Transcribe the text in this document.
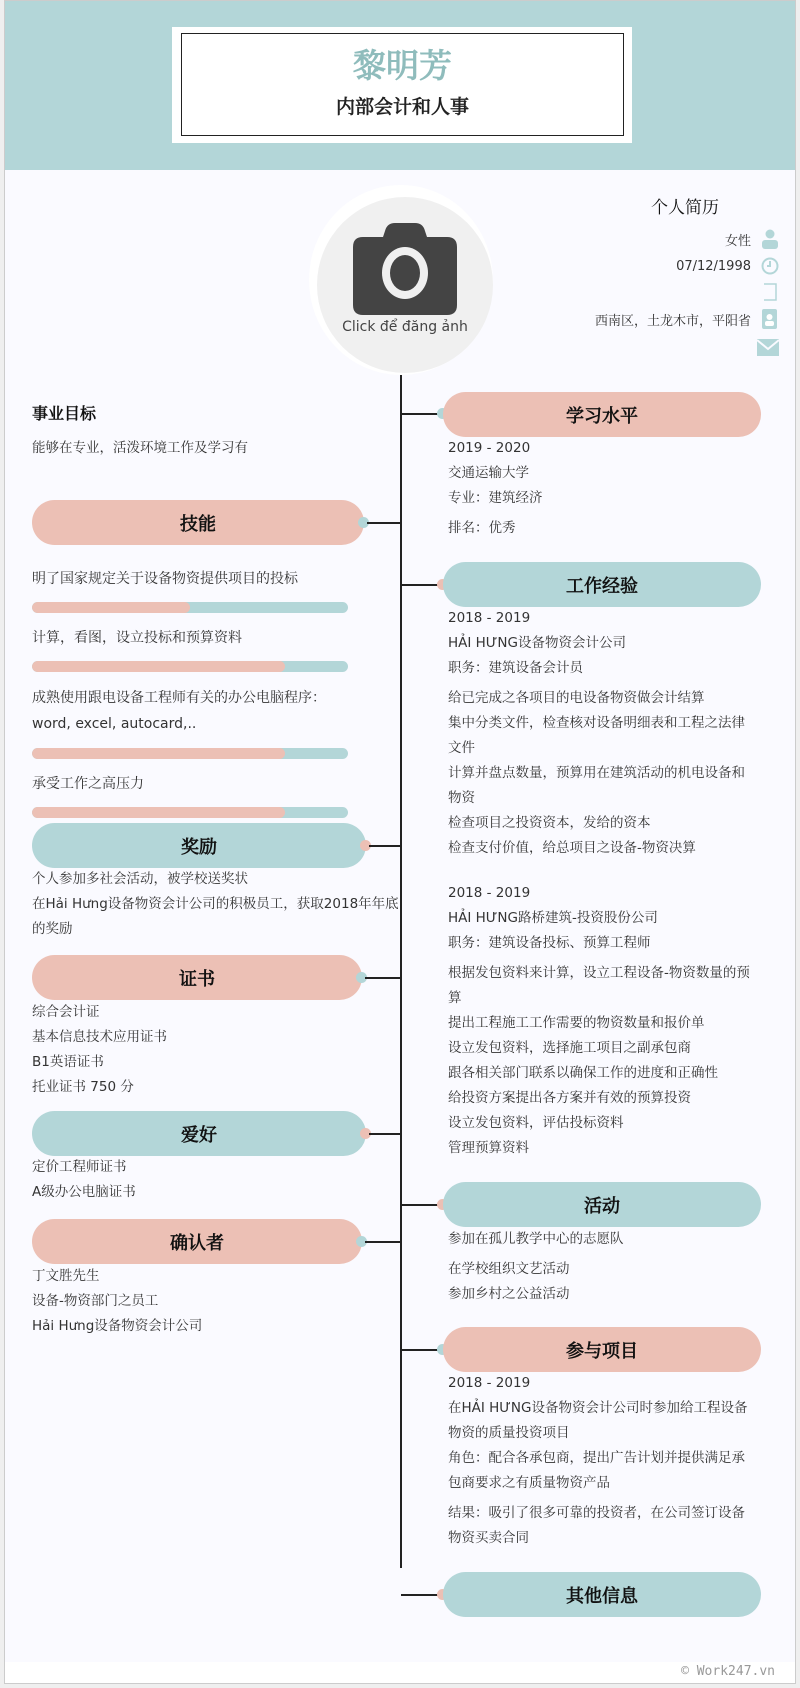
黎明芳
内部会计和人事
Click để đăng ảnh
个人简历
女性
07/12/1998
西南区，土龙木市，平阳省
事业目标
能够在专业，活泼环境工作及学习有
技能
明了国家规定关于设备物资提供项目的投标
计算，看图，设立投标和预算资料
成熟使用跟电设备工程师有关的办公电脑程序：word, excel, autocard,..
承受工作之高压力
奖励
个人参加多社会活动，被学校送奖状
在Hải Hưng设备物资会计公司的积极员工，获取2018年年底的奖励
证书
综合会计证
基本信息技术应用证书
B1英语证书
托业证书 750 分
爱好
定价工程师证书
A级办公电脑证书
确认者
丁文胜先生
设备-物资部门之员工
Hải Hưng设备物资会计公司
学习水平
2019 - 2020
交通运输大学
专业：建筑经济
排名：优秀
工作经验
2018 - 2019
HẢI HƯNG设备物资会计公司
职务：建筑设备会计员
给已完成之各项目的电设备物资做会计结算
集中分类文件，检查核对设备明细表和工程之法律文件
计算并盘点数量，预算用在建筑活动的机电设备和物资
检查项目之投资资本，发给的资本
检查支付价值，给总项目之设备-物资决算
2018 - 2019
HẢI HƯNG路桥建筑-投资股份公司
职务：建筑设备投标、预算工程师
根据发包资料来计算，设立工程设备-物资数量的预算
提出工程施工工作需要的物资数量和报价单
设立发包资料，选择施工项目之副承包商
跟各相关部门联系以确保工作的进度和正确性
给投资方案提出各方案并有效的预算投资
设立发包资料，评估投标资料
管理预算资料
活动
参加在孤儿教学中心的志愿队
在学校组织文艺活动
参加乡村之公益活动
参与项目
2018 - 2019
在HẢI HƯNG设备物资会计公司时参加给工程设备物资的质量投资项目
角色：配合各承包商，提出广告计划并提供满足承包商要求之有质量物资产品
结果：吸引了很多可靠的投资者，在公司签订设备物资买卖合同
其他信息
© Work247.vn
